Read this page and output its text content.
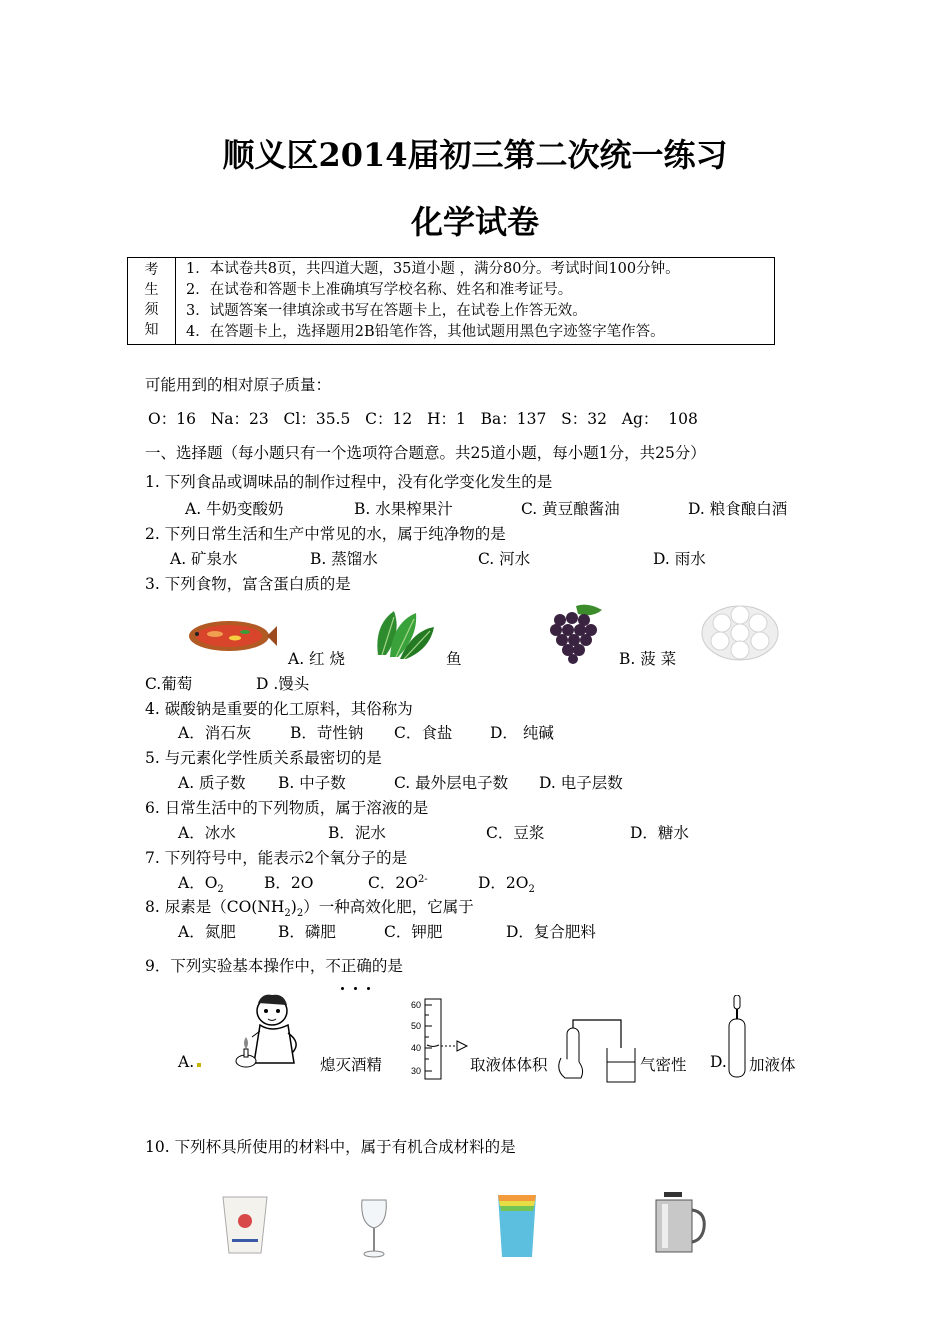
顺义区2014届初三第二次统一练习
化学试卷
考
生
须
知
1．本试卷共8页，共四道大题，35道小题 ，满分80分。考试时间100分钟。
2．在试卷和答题卡上准确填写学校名称、姓名和准考证号。
3．试题答案一律填涂或书写在答题卡上，在试卷上作答无效。
4．在答题卡上，选择题用2B铅笔作答，其他试题用黑色字迹签字笔作答。
可能用到的相对原子质量：
O：16   Na：23   Cl：35.5   C：12   H：1   Ba：137   S：32   Ag：  108
一、选择题（每小题只有一个选项符合题意。共25道小题，每小题1分，共25分）
1. 下列食品或调味品的制作过程中，没有化学变化发生的是
A. 牛奶变酸奶	B. 水果榨果汁	C. 黄豆酿酱油	D. 粮食酿白酒
2. 下列日常生活和生产中常见的水，属于纯净物的是
A. 矿泉水	B. 蒸馏水	C. 河水	D. 雨水
3. 下列食物，富含蛋白质的是
A. 红 烧	鱼	B. 菠 菜
C.葡萄	D .馒头
4. 碳酸钠是重要的化工原料，其俗称为
A．消石灰	B．苛性钠 C．食盐 D． 纯碱
5. 与元素化学性质关系最密切的是
A. 质子数 B. 中子数	C. 最外层电子数 D. 电子层数
6. 日常生活中的下列物质，属于溶液的是
A．冰水	B．泥水	C．豆浆	D．糖水
7. 下列符号中，能表示2个氧分子的是
A．$O_2$	B．2O	C．$2O^{2-}$	D．$2O_2$
8. 尿素是$(CO(NH_2)_2)$一种高效化肥，它属于
A．氮肥	B．磷肥	C．钾肥	D．复合肥料
9．下列实验基本操作中，不正确的是
A.	熄灭酒精
60
50
40
30	取液体体积	气密性 D. 加液体
10. 下列杯具所使用的材料中，属于有机合成材料的是
